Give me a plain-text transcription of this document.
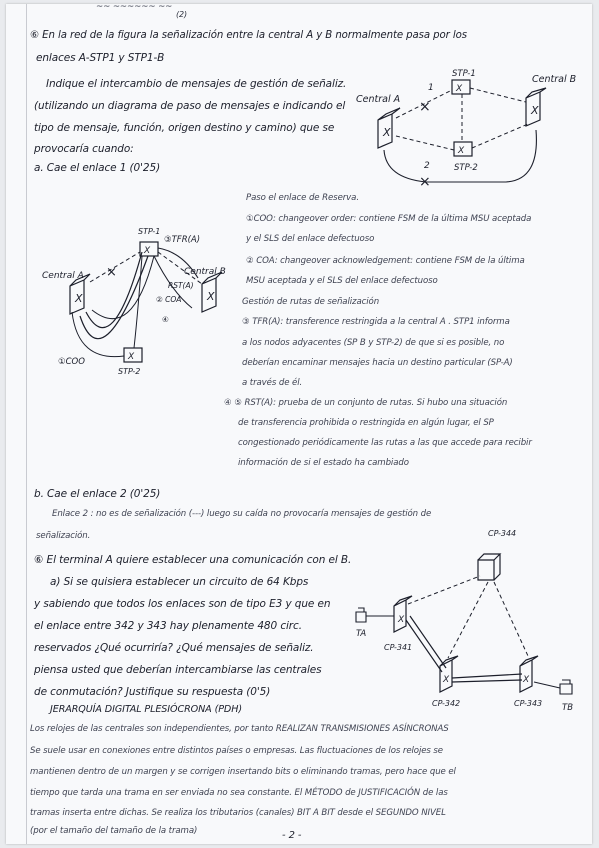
~~ ~~~~~~ ~~

(2)

⑥ En la red de la figura la señalización entre la central A y B normalmente pasa por los

enlaces A-STP1 y STP1-B

Indique el intercambio de mensajes de gestión de señaliz.

(utilizando un diagrama de paso de mensajes e indicando el

tipo de mensaje, función, origen destino y camino) que se

provocaría cuando:

a. Cae el enlace 1 (0'25)

X
X
X
X
×
×
Central A
Central B
STP-1
STP-2
1
2
X	X
X
X
×
Central A	Central B
STP-1
STP-2
③TFR(A)
①COO
② COA
RST(A)
④

Paso el enlace de Reserva.

①COO: changeover order: contiene FSM de la última MSU aceptada

y el SLS del enlace defectuoso

② COA: changeover acknowledgement: contiene FSM de la última

MSU aceptada y el SLS del enlace defectuoso

Gestión de rutas de señalización

③ TFR(A): transference restringida a la central A . STP1 informa

a los nodos adyacentes (SP B y STP-2) de que si es posible, no

deberían encaminar mensajes hacia un destino particular (SP-A)

a través de él.

④ ⑤ RST(A): prueba de un conjunto de rutas. Si hubo una situación

de transferencia prohibida o restringida en algún lugar, el SP

congestionado periódicamente las rutas a las que accede para recibir

información de si el estado ha cambiado

b. Cae el enlace 2 (0'25)

Enlace 2 : no es de señalización (---) luego su caída no provocaría mensajes de gestión de

señalización.

⑥ El terminal A quiere establecer una comunicación con el B.

a) Si se quisiera establecer un circuito de 64 Kbps

y sabiendo que todos los enlaces son de tipo E3 y que en

el enlace entre 342 y 343 hay plenamente 480 circ.

reservados ¿Qué ocurriría? ¿Qué mensajes de señaliz.

piensa usted que deberían intercambiarse las centrales

de conmutación? Justifique su respuesta (0'5)

X
X	X
CP-344
CP-341
CP-342	CP-343
TA
TB

JERARQUÍA DIGITAL PLESIÓCRONA (PDH)

Los relojes de las centrales son independientes, por tanto REALIZAN TRANSMISIONES ASÍNCRONAS

Se suele usar en conexiones entre distintos países o empresas. Las fluctuaciones de los relojes se

mantienen dentro de un margen y se corrigen insertando bits o eliminando tramas, pero hace que el

tiempo que tarda una trama en ser enviada no sea constante. El MÉTODO de JUSTIFICACIÓN de las

tramas inserta entre dichas. Se realiza los tributarios (canales) BIT A BIT desde el SEGUNDO NIVEL

(por el tamaño del tamaño de la trama)	- 2 -
